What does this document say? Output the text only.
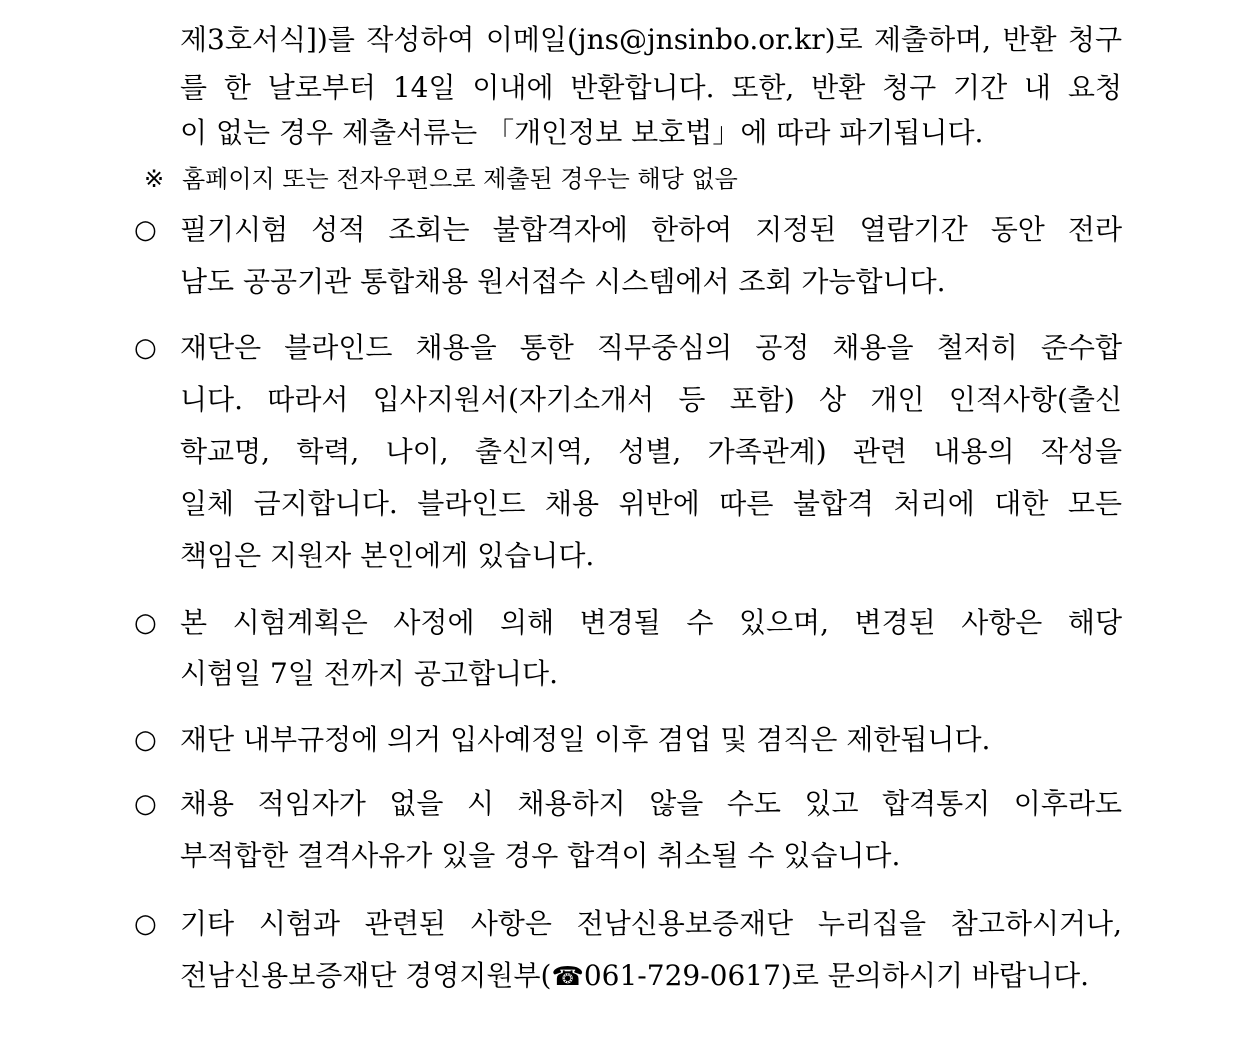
제3호서식])를 작성하여 이메일(jns@jnsinbo.or.kr)로 제출하며, 반환 청구
를 한 날로부터 14일 이내에 반환합니다. 또한, 반환 청구 기간 내 요청
이 없는 경우 제출서류는 「개인정보 보호법」에 따라 파기됩니다.
※ 홈페이지 또는 전자우편으로 제출된 경우는 해당 없음
○ 필기시험 성적 조회는 불합격자에 한하여 지정된 열람기간 동안 전라
남도 공공기관 통합채용 원서접수 시스템에서 조회 가능합니다.
○ 재단은 블라인드 채용을 통한 직무중심의 공정 채용을 철저히 준수합
니다. 따라서 입사지원서(자기소개서 등 포함) 상 개인 인적사항(출신
학교명, 학력, 나이, 출신지역, 성별, 가족관계) 관련 내용의 작성을
일체 금지합니다. 블라인드 채용 위반에 따른 불합격 처리에 대한 모든
책임은 지원자 본인에게 있습니다.
○ 본 시험계획은 사정에 의해 변경될 수 있으며, 변경된 사항은 해당
시험일 7일 전까지 공고합니다.
○ 재단 내부규정에 의거 입사예정일 이후 겸업 및 겸직은 제한됩니다.
○ 채용 적임자가 없을 시 채용하지 않을 수도 있고 합격통지 이후라도
부적합한 결격사유가 있을 경우 합격이 취소될 수 있습니다.
○ 기타 시험과 관련된 사항은 전남신용보증재단 누리집을 참고하시거나,
전남신용보증재단 경영지원부(☎061-729-0617)로 문의하시기 바랍니다.
